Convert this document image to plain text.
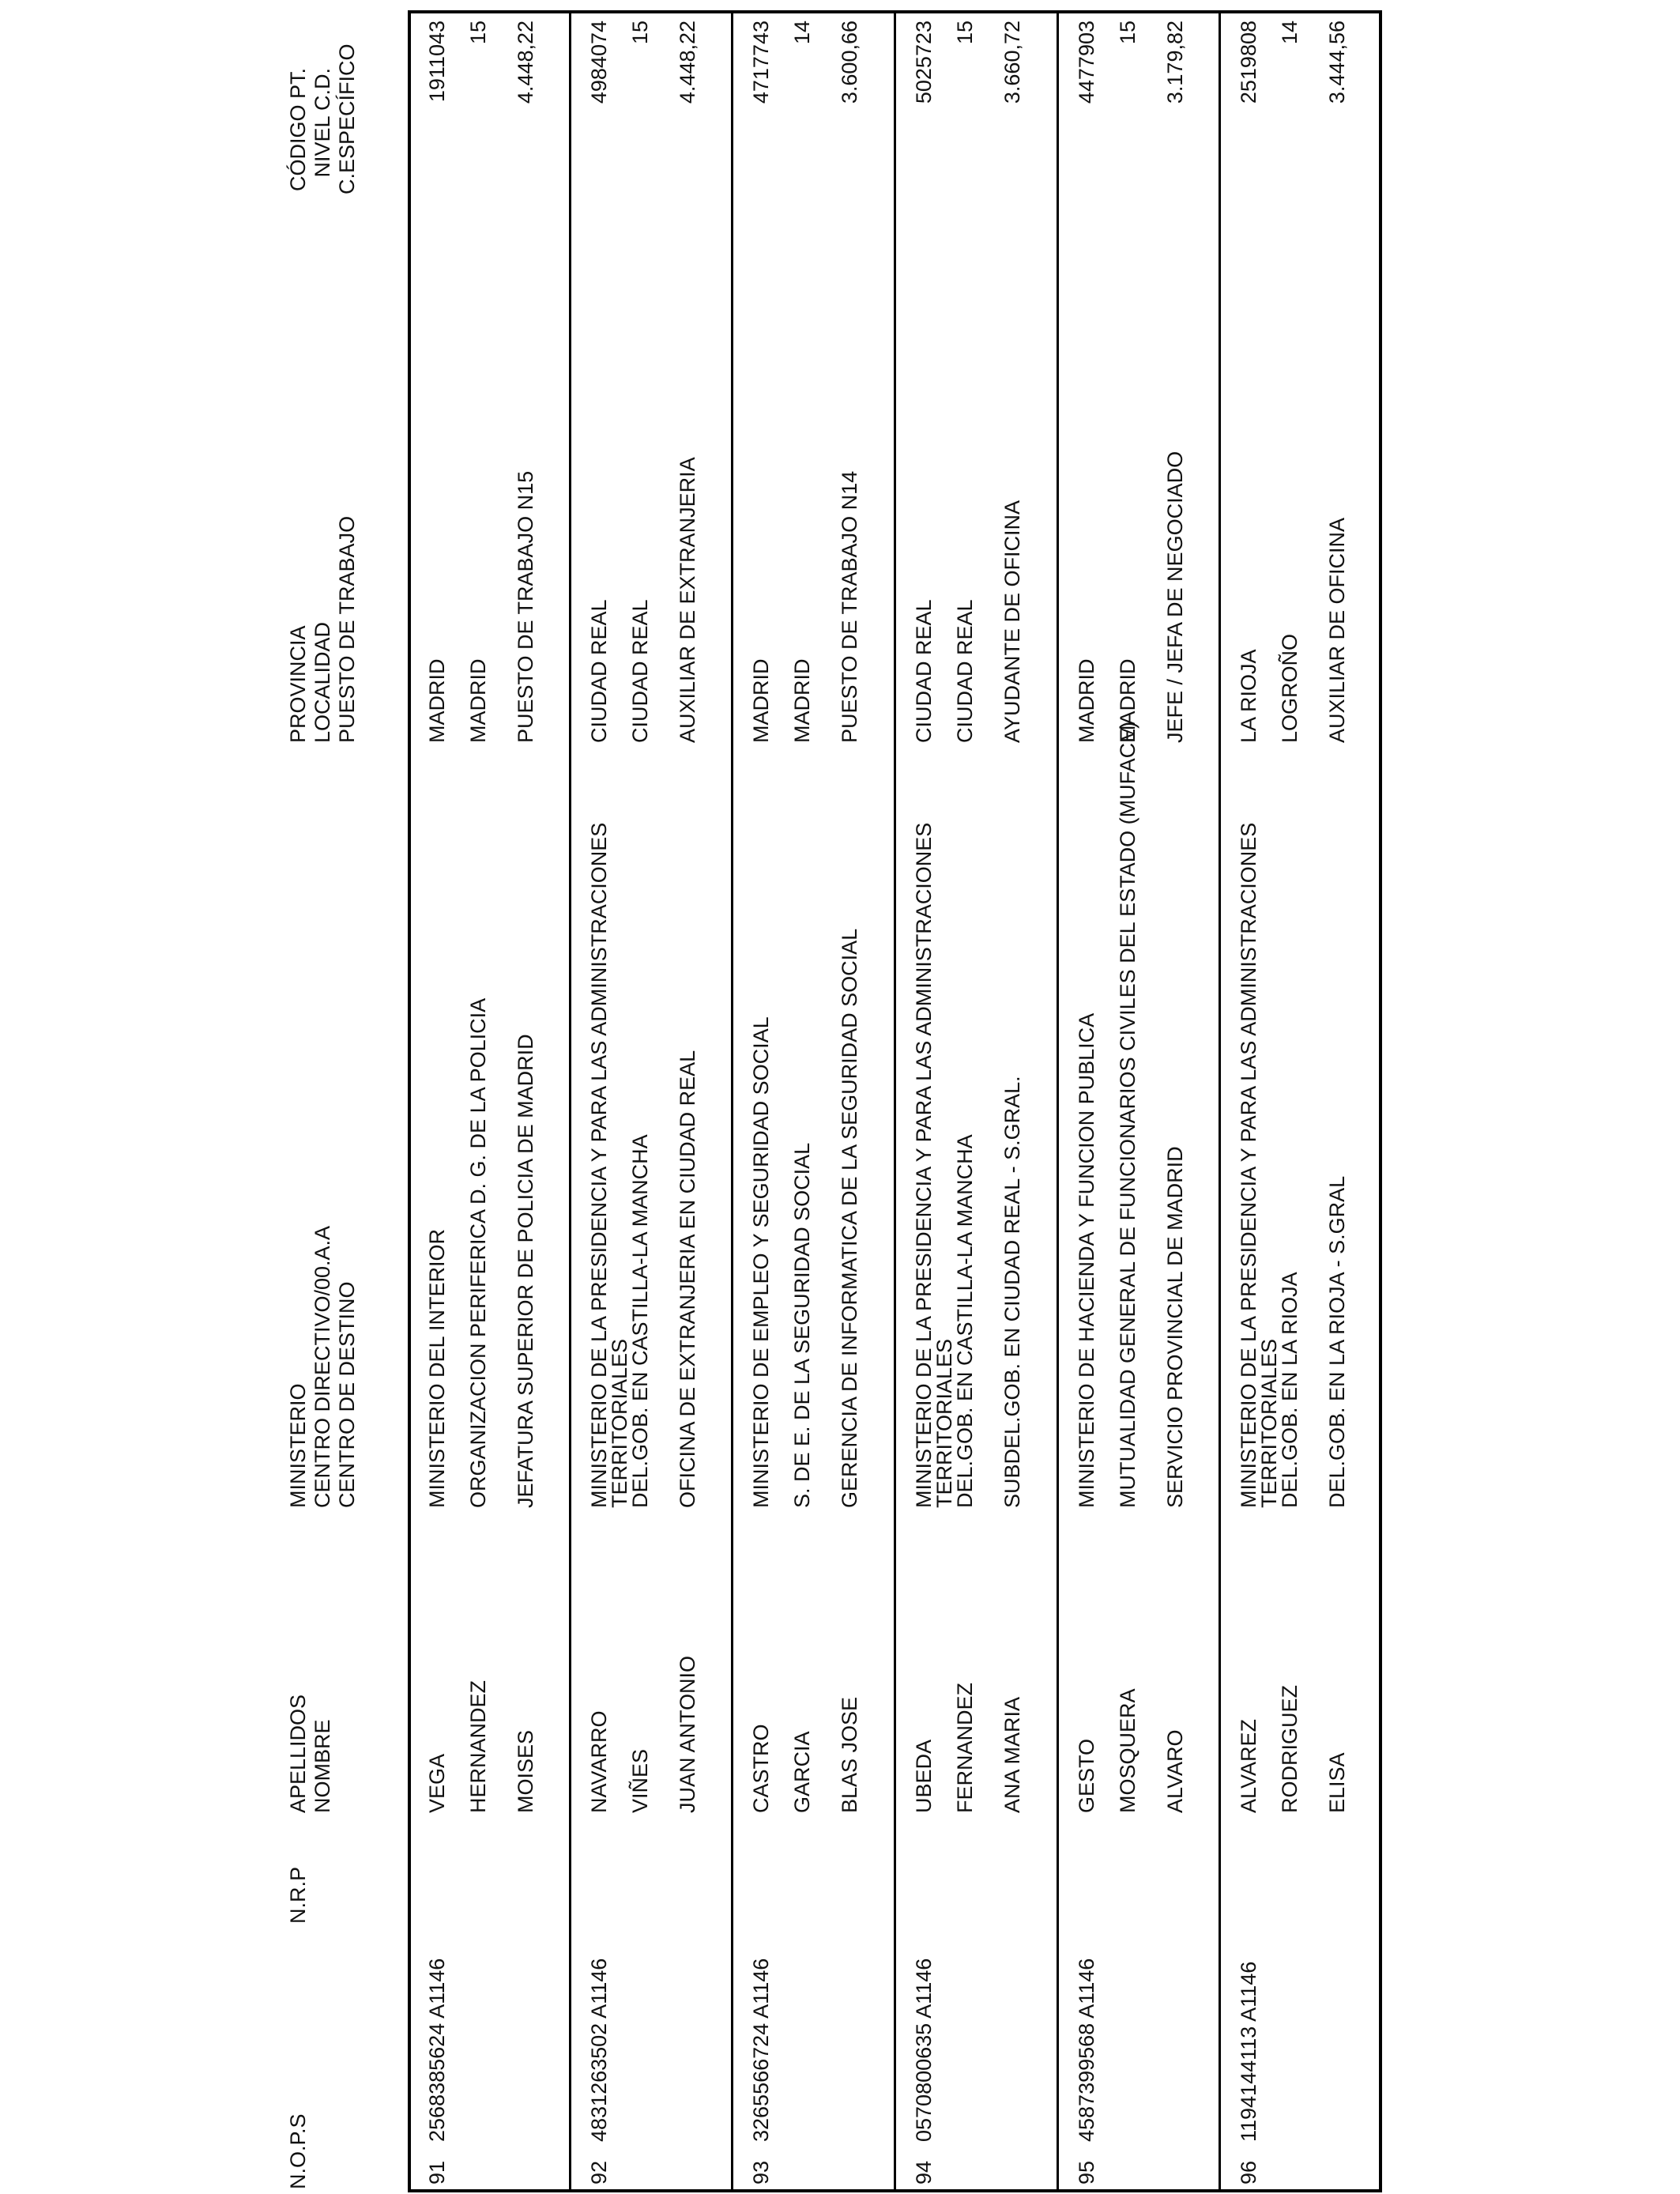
N.O.P.S
N.R.P
APELLIDOS NOMBRE
MINISTERIO CENTRO DIRECTIVO/00.A.A CENTRO DE DESTINO
PROVINCIA LOCALIDAD PUESTO DE TRABAJO
CÓDIGO PT. NIVEL C.D. C.ESPECÍFICO
91
2568385624 A1146
VEGA HERNANDEZ MOISES
MINISTERIO DEL INTERIOR ORGANIZACION PERIFERICA D. G. DE LA POLICIA JEFATURA SUPERIOR DE POLICIA DE MADRID
MADRID MADRID PUESTO DE TRABAJO N15
1911043 15 4.448,22
92
4831263502 A1146
NAVARRO VIÑES JUAN ANTONIO
MINISTERIO DE LA PRESIDENCIA Y PARA LAS ADMINISTRACIONES
TERRITORIALES
DEL.GOB. EN CASTILLA-LA MANCHA OFICINA DE EXTRANJERIA EN CIUDAD REAL
CIUDAD REAL CIUDAD REAL AUXILIAR DE EXTRANJERIA
4984074 15 4.448,22
93
3265566724 A1146
CASTRO GARCIA BLAS JOSE
MINISTERIO DE EMPLEO Y SEGURIDAD SOCIAL S. DE E. DE LA SEGURIDAD SOCIAL GERENCIA DE INFORMATICA DE LA SEGURIDAD SOCIAL
MADRID MADRID PUESTO DE TRABAJO N14
4717743 14 3.600,66
94
0570800635 A1146
UBEDA FERNANDEZ ANA MARIA
MINISTERIO DE LA PRESIDENCIA Y PARA LAS ADMINISTRACIONES
TERRITORIALES
DEL.GOB. EN CASTILLA-LA MANCHA SUBDEL.GOB. EN CIUDAD REAL - S.GRAL.
CIUDAD REAL CIUDAD REAL AYUDANTE DE OFICINA
5025723 15 3.660,72
95
4587399568 A1146
GESTO MOSQUERA ALVARO
MINISTERIO DE HACIENDA Y FUNCION PUBLICA MUTUALIDAD GENERAL DE FUNCIONARIOS CIVILES DEL ESTADO (MUFACE) SERVICIO PROVINCIAL DE MADRID
MADRID MADRID JEFE / JEFA DE NEGOCIADO
4477903 15 3.179,82
96
1194144113 A1146
ALVAREZ RODRIGUEZ ELISA
MINISTERIO DE LA PRESIDENCIA Y PARA LAS ADMINISTRACIONES
TERRITORIALES
DEL.GOB. EN LA RIOJA DEL.GOB. EN LA RIOJA - S.GRAL
LA RIOJA LOGROÑO AUXILIAR DE OFICINA
2519808 14 3.444,56
